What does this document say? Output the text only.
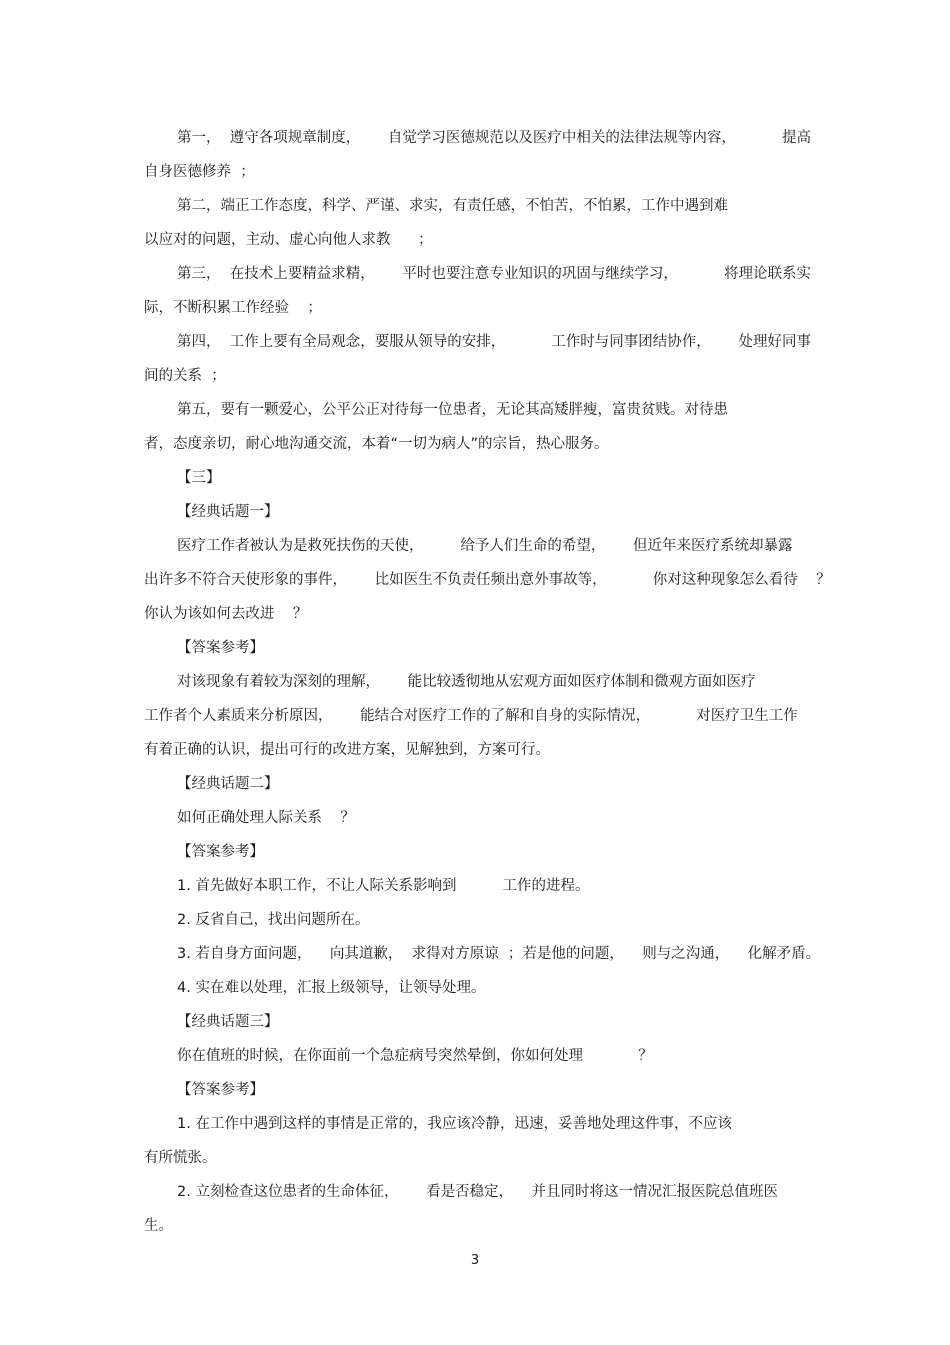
第一，  遵守各项规章制度，      自觉学习医德规范以及医疗中相关的法律法规等内容，          提高
自身医德修养  ；
第二，端正工作态度，科学、严谨、求实，有责任感，不怕苦，不怕累，工作中遇到难
以应对的问题，主动、虚心向他人求教      ；
第三，  在技术上要精益求精，      平时也要注意专业知识的巩固与继续学习，          将理论联系实
际，不断积累工作经验    ；
第四，  工作上要有全局观念，要服从领导的安排，          工作时与同事团结协作，      处理好同事
间的关系  ；
第五，要有一颗爱心，公平公正对待每一位患者，无论其高矮胖瘦，富贵贫贱。对待患
者，态度亲切，耐心地沟通交流，本着“一切为病人”的宗旨，热心服务。
【三】
【经典话题一】
医疗工作者被认为是救死扶伤的天使，        给予人们生命的希望，      但近年来医疗系统却暴露
出许多不符合天使形象的事件，      比如医生不负责任频出意外事故等，          你对这种现象怎么看待    ？
你认为该如何去改进    ？
【答案参考】
对该现象有着较为深刻的理解，      能比较透彻地从宏观方面如医疗体制和微观方面如医疗
工作者个人素质来分析原因，      能结合对医疗工作的了解和自身的实际情况，          对医疗卫生工作
有着正确的认识，提出可行的改进方案，见解独到，方案可行。
【经典话题二】
如何正确处理人际关系    ？
【答案参考】
1. 首先做好本职工作，不让人际关系影响到          工作的进程。
2. 反省自己，找出问题所在。
3. 若自身方面问题，    向其道歉，  求得对方原谅  ；若是他的问题，    则与之沟通，    化解矛盾。
4. 实在难以处理，汇报上级领导，让领导处理。
【经典话题三】
你在值班的时候，在你面前一个急症病号突然晕倒，你如何处理            ？
【答案参考】
1. 在工作中遇到这样的事情是正常的，我应该冷静，迅速，妥善地处理这件事，不应该
有所慌张。
2. 立刻检查这位患者的生命体征，      看是否稳定，    并且同时将这一情况汇报医院总值班医
生。
3
